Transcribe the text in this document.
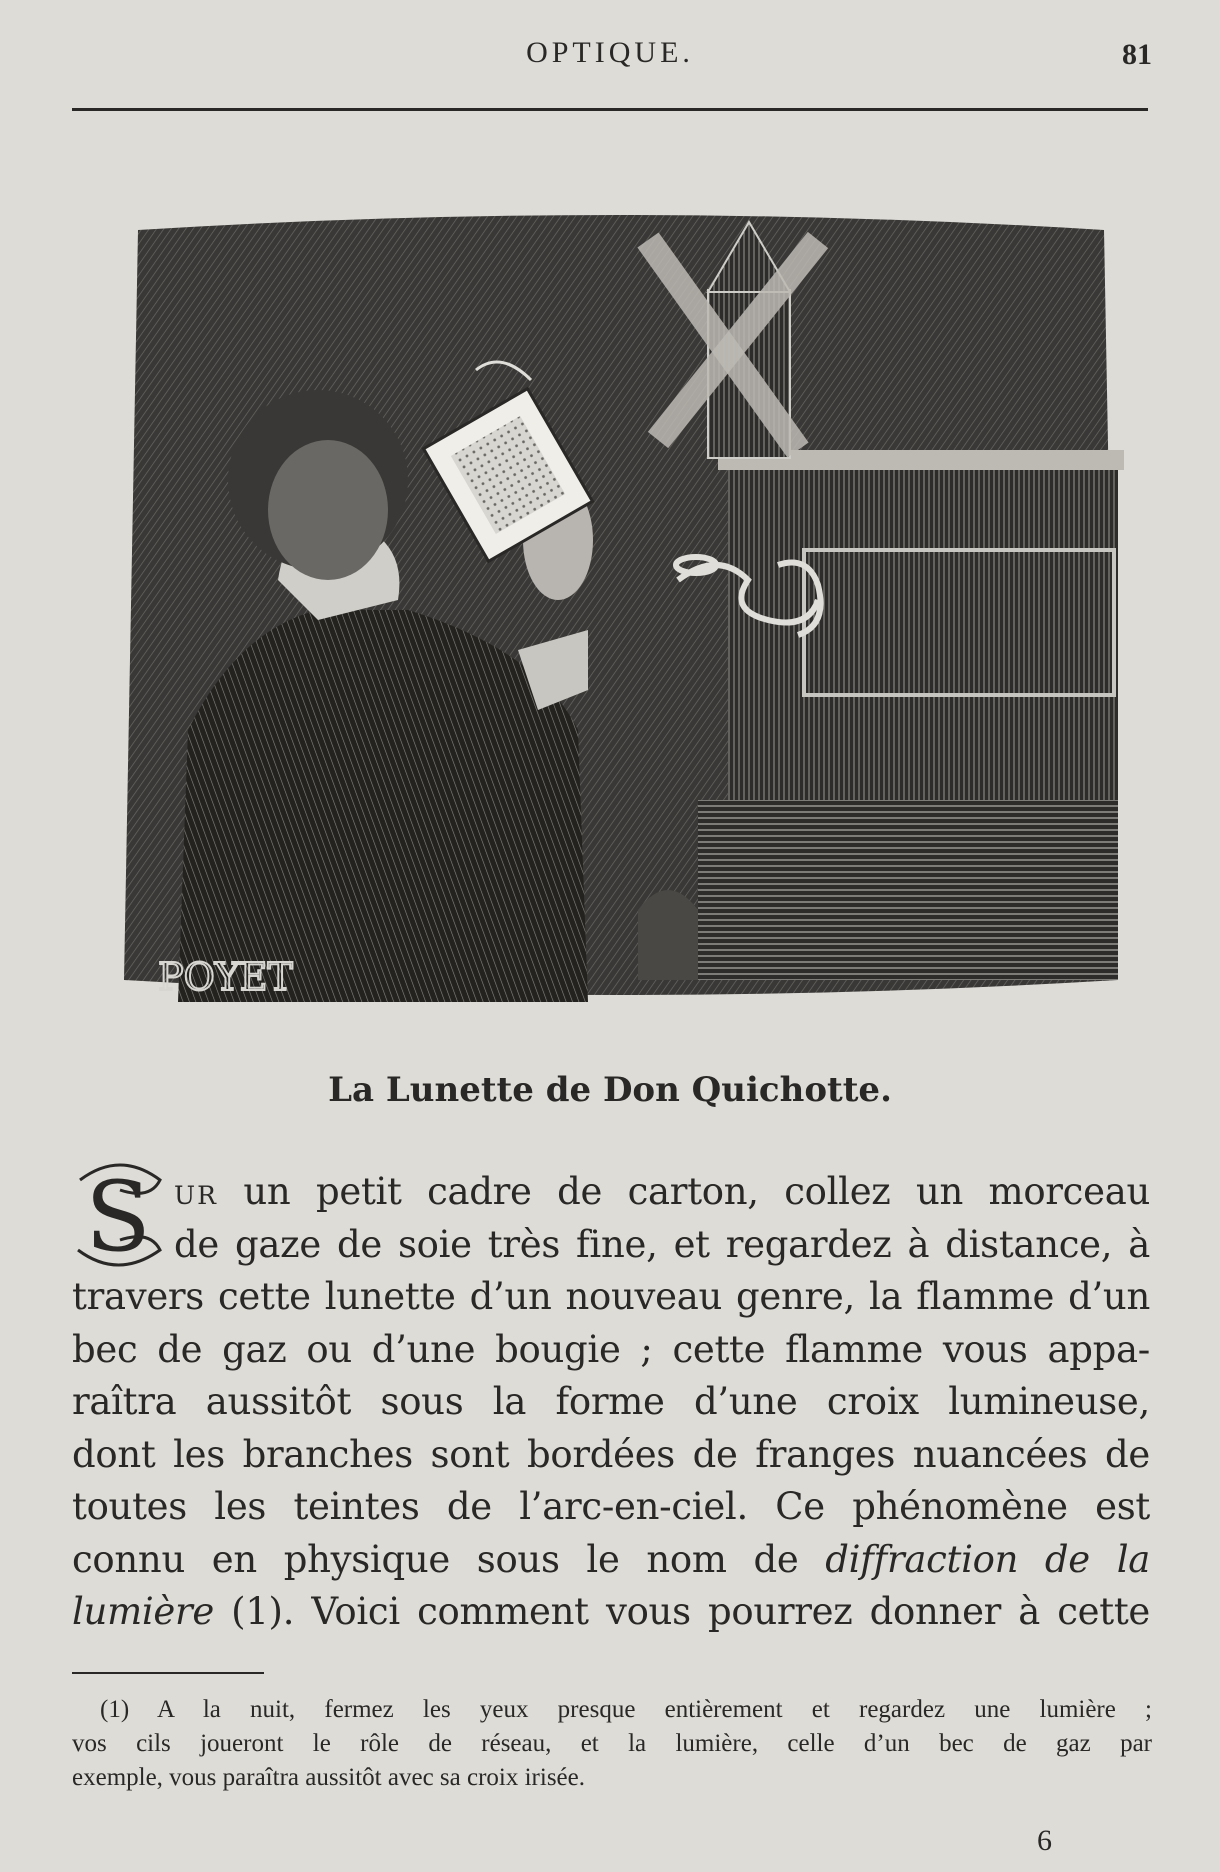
OPTIQUE.	81
POYET
La Lunette de Don Quichotte.
S UR un petit cadre de carton, collez un morceau
de gaze de soie très fine, et regardez à distance, à
travers cette lunette d’un nouveau genre, la flamme d’un
bec de gaz ou d’une bougie ; cette flamme vous appa-
raîtra aussitôt sous la forme d’une croix lumineuse,
dont les branches sont bordées de franges nuancées de
toutes les teintes de l’arc-en-ciel. Ce phénomène est
connu en physique sous le nom de diffraction de la
lumière (1). Voici comment vous pourrez donner à cette
(1) A la nuit, fermez les yeux presque entièrement et regardez une lumière ;
vos cils joueront le rôle de réseau, et la lumière, celle d’un bec de gaz par
exemple, vous paraîtra aussitôt avec sa croix irisée.
6
